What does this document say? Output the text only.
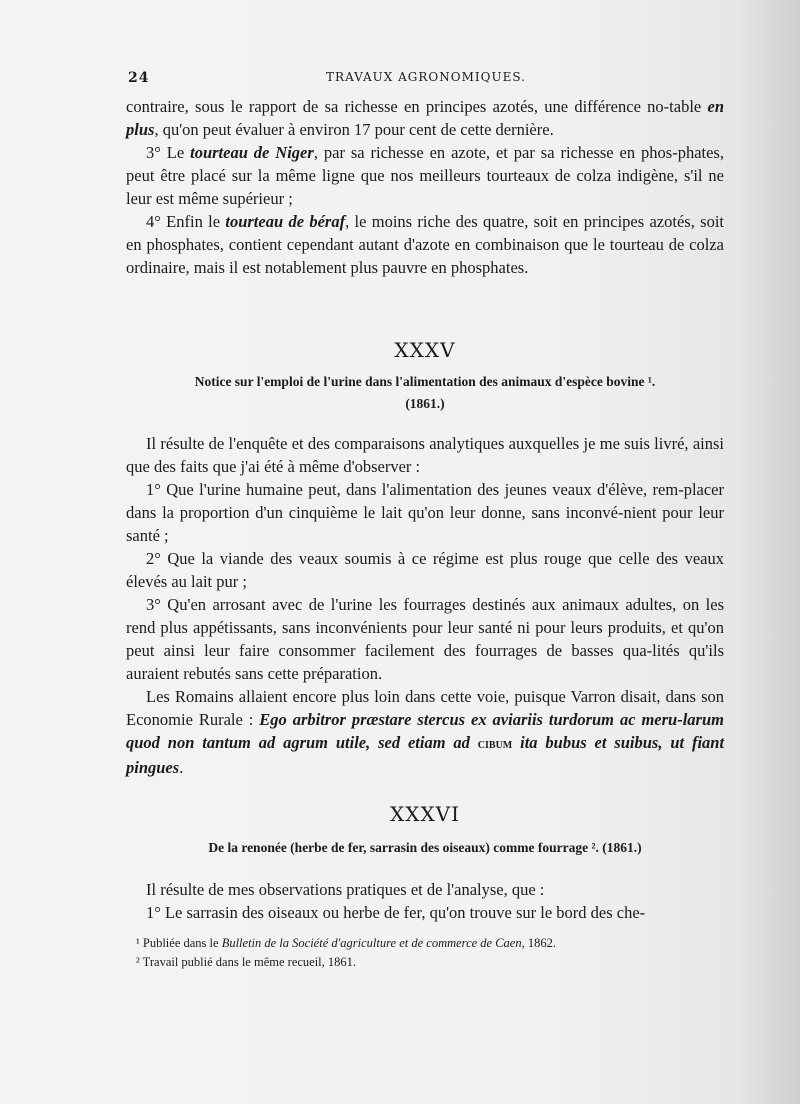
24	TRAVAUX AGRONOMIQUES.

contraire, sous le rapport de sa richesse en principes azotés, une différence no-table en plus, qu'on peut évaluer à environ 17 pour cent de cette dernière.

3° Le tourteau de Niger, par sa richesse en azote, et par sa richesse en phos-phates, peut être placé sur la même ligne que nos meilleurs tourteaux de colza indigène, s'il ne leur est même supérieur ;

4° Enfin le tourteau de béraf, le moins riche des quatre, soit en principes azotés, soit en phosphates, contient cependant autant d'azote en combinaison que le tourteau de colza ordinaire, mais il est notablement plus pauvre en phosphates.

XXXV
Notice sur l'emploi de l'urine dans l'alimentation des animaux d'espèce bovine ¹.
(1861.)

Il résulte de l'enquête et des comparaisons analytiques auxquelles je me suis livré, ainsi que des faits que j'ai été à même d'observer :

1° Que l'urine humaine peut, dans l'alimentation des jeunes veaux d'élève, rem-placer dans la proportion d'un cinquième le lait qu'on leur donne, sans inconvé-nient pour leur santé ;

2° Que la viande des veaux soumis à ce régime est plus rouge que celle des veaux élevés au lait pur ;

3° Qu'en arrosant avec de l'urine les fourrages destinés aux animaux adultes, on les rend plus appétissants, sans inconvénients pour leur santé ni pour leurs produits, et qu'on peut ainsi leur faire consommer facilement des fourrages de basses qua-lités qu'ils auraient rebutés sans cette préparation.

Les Romains allaient encore plus loin dans cette voie, puisque Varron disait, dans son Economie Rurale : Ego arbitror præstare stercus ex aviariis turdorum ac meru-larum quod non tantum ad agrum utile, sed etiam ad cibum ita bubus et suibus, ut fiant pingues.

XXXVI
De la renonée (herbe de fer, sarrasin des oiseaux) comme fourrage ². (1861.)

Il résulte de mes observations pratiques et de l'analyse, que :

1° Le sarrasin des oiseaux ou herbe de fer, qu'on trouve sur le bord des che-

¹ Publiée dans le Bulletin de la Société d'agriculture et de commerce de Caen, 1862.
² Travail publié dans le même recueil, 1861.
